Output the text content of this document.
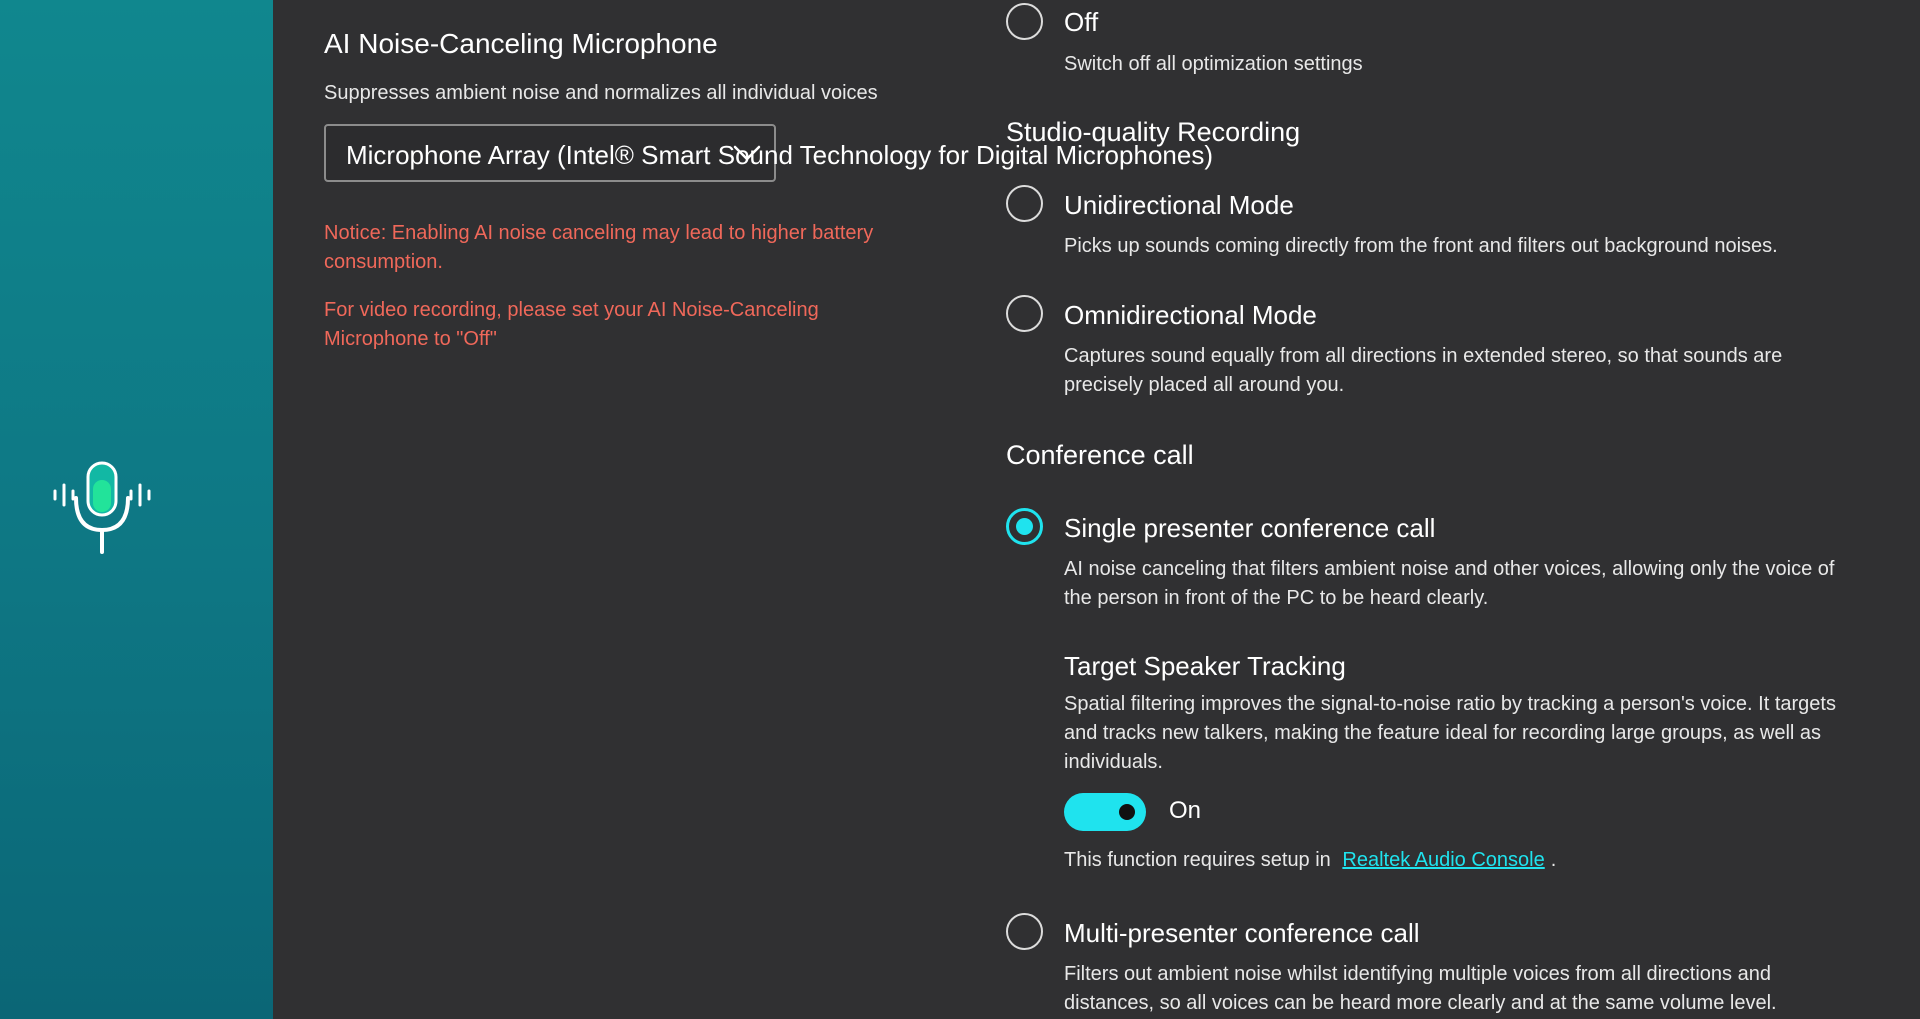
AI Noise-Canceling Microphone
Suppresses ambient noise and normalizes all individual voices
Microphone Array (Intel® Smart Sound Technology for Digital Microphones)
Notice: Enabling AI noise canceling may lead to higher battery consumption.
For video recording, please set your AI Noise-Canceling Microphone to "Off"
Off
Switch off all optimization settings
Studio-quality Recording
Unidirectional Mode
Picks up sounds coming directly from the front and filters out background noises.
Omnidirectional Mode
Captures sound equally from all directions in extended stereo, so that sounds are precisely placed all around you.
Conference call
Single presenter conference call
AI noise canceling that filters ambient noise and other voices, allowing only the voice of the person in front of the PC to be heard clearly.
Target Speaker Tracking
Spatial filtering improves the signal-to-noise ratio by tracking a person's voice. It targets and tracks new talkers, making the feature ideal for recording large groups, as well as individuals.
On
This function requires setup in Realtek Audio Console .
Multi-presenter conference call
Filters out ambient noise whilst identifying multiple voices from all directions and distances, so all voices can be heard more clearly and at the same volume level.
